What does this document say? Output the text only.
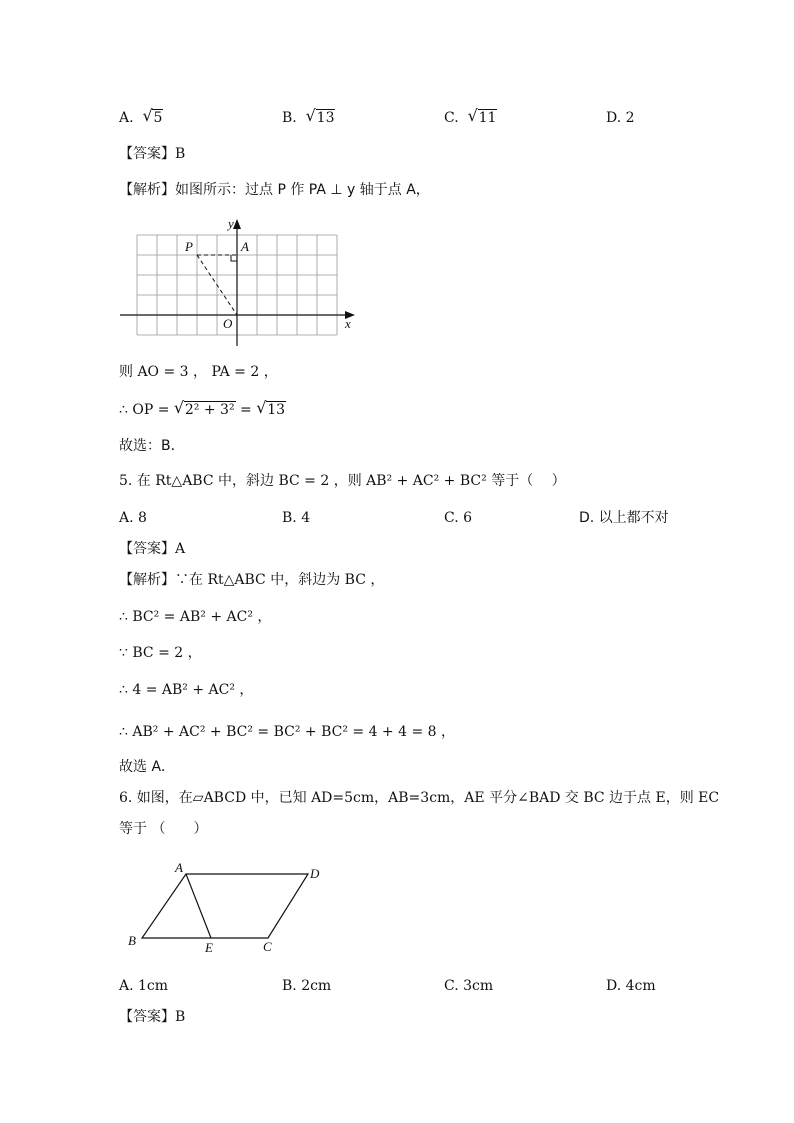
A. √ 5	B. √ 13	C. √ 11	D. 2
【答案】B
【解析】如图所示：过点 P 作 PA ⊥ y 轴于点 A，
y
x
P	A
O
则 AO = 3 ， PA = 2 ，
∴ OP = √ 2² + 3² = √ 13
故选：B．
5. 在 Rt△ABC 中，斜边 BC = 2 ，则 AB² + AC² + BC² 等于（　 ）
A. 8	B. 4	C. 6	D. 以上都不对
【答案】A
【解析】∵在 Rt△ABC 中，斜边为 BC ，
∴ BC² = AB² + AC² ，
∵ BC = 2 ，
∴ 4 = AB² + AC² ，
∴ AB² + AC² + BC² = BC² + BC² = 4 + 4 = 8 ，
故选 A．
6. 如图，在▱ABCD 中，已知 AD=5cm，AB=3cm，AE 平分∠BAD 交 BC 边于点 E，则 EC
等于 （　　）
A
B	C
D
E
A. 1cm	B. 2cm	C. 3cm	D. 4cm
【答案】B
